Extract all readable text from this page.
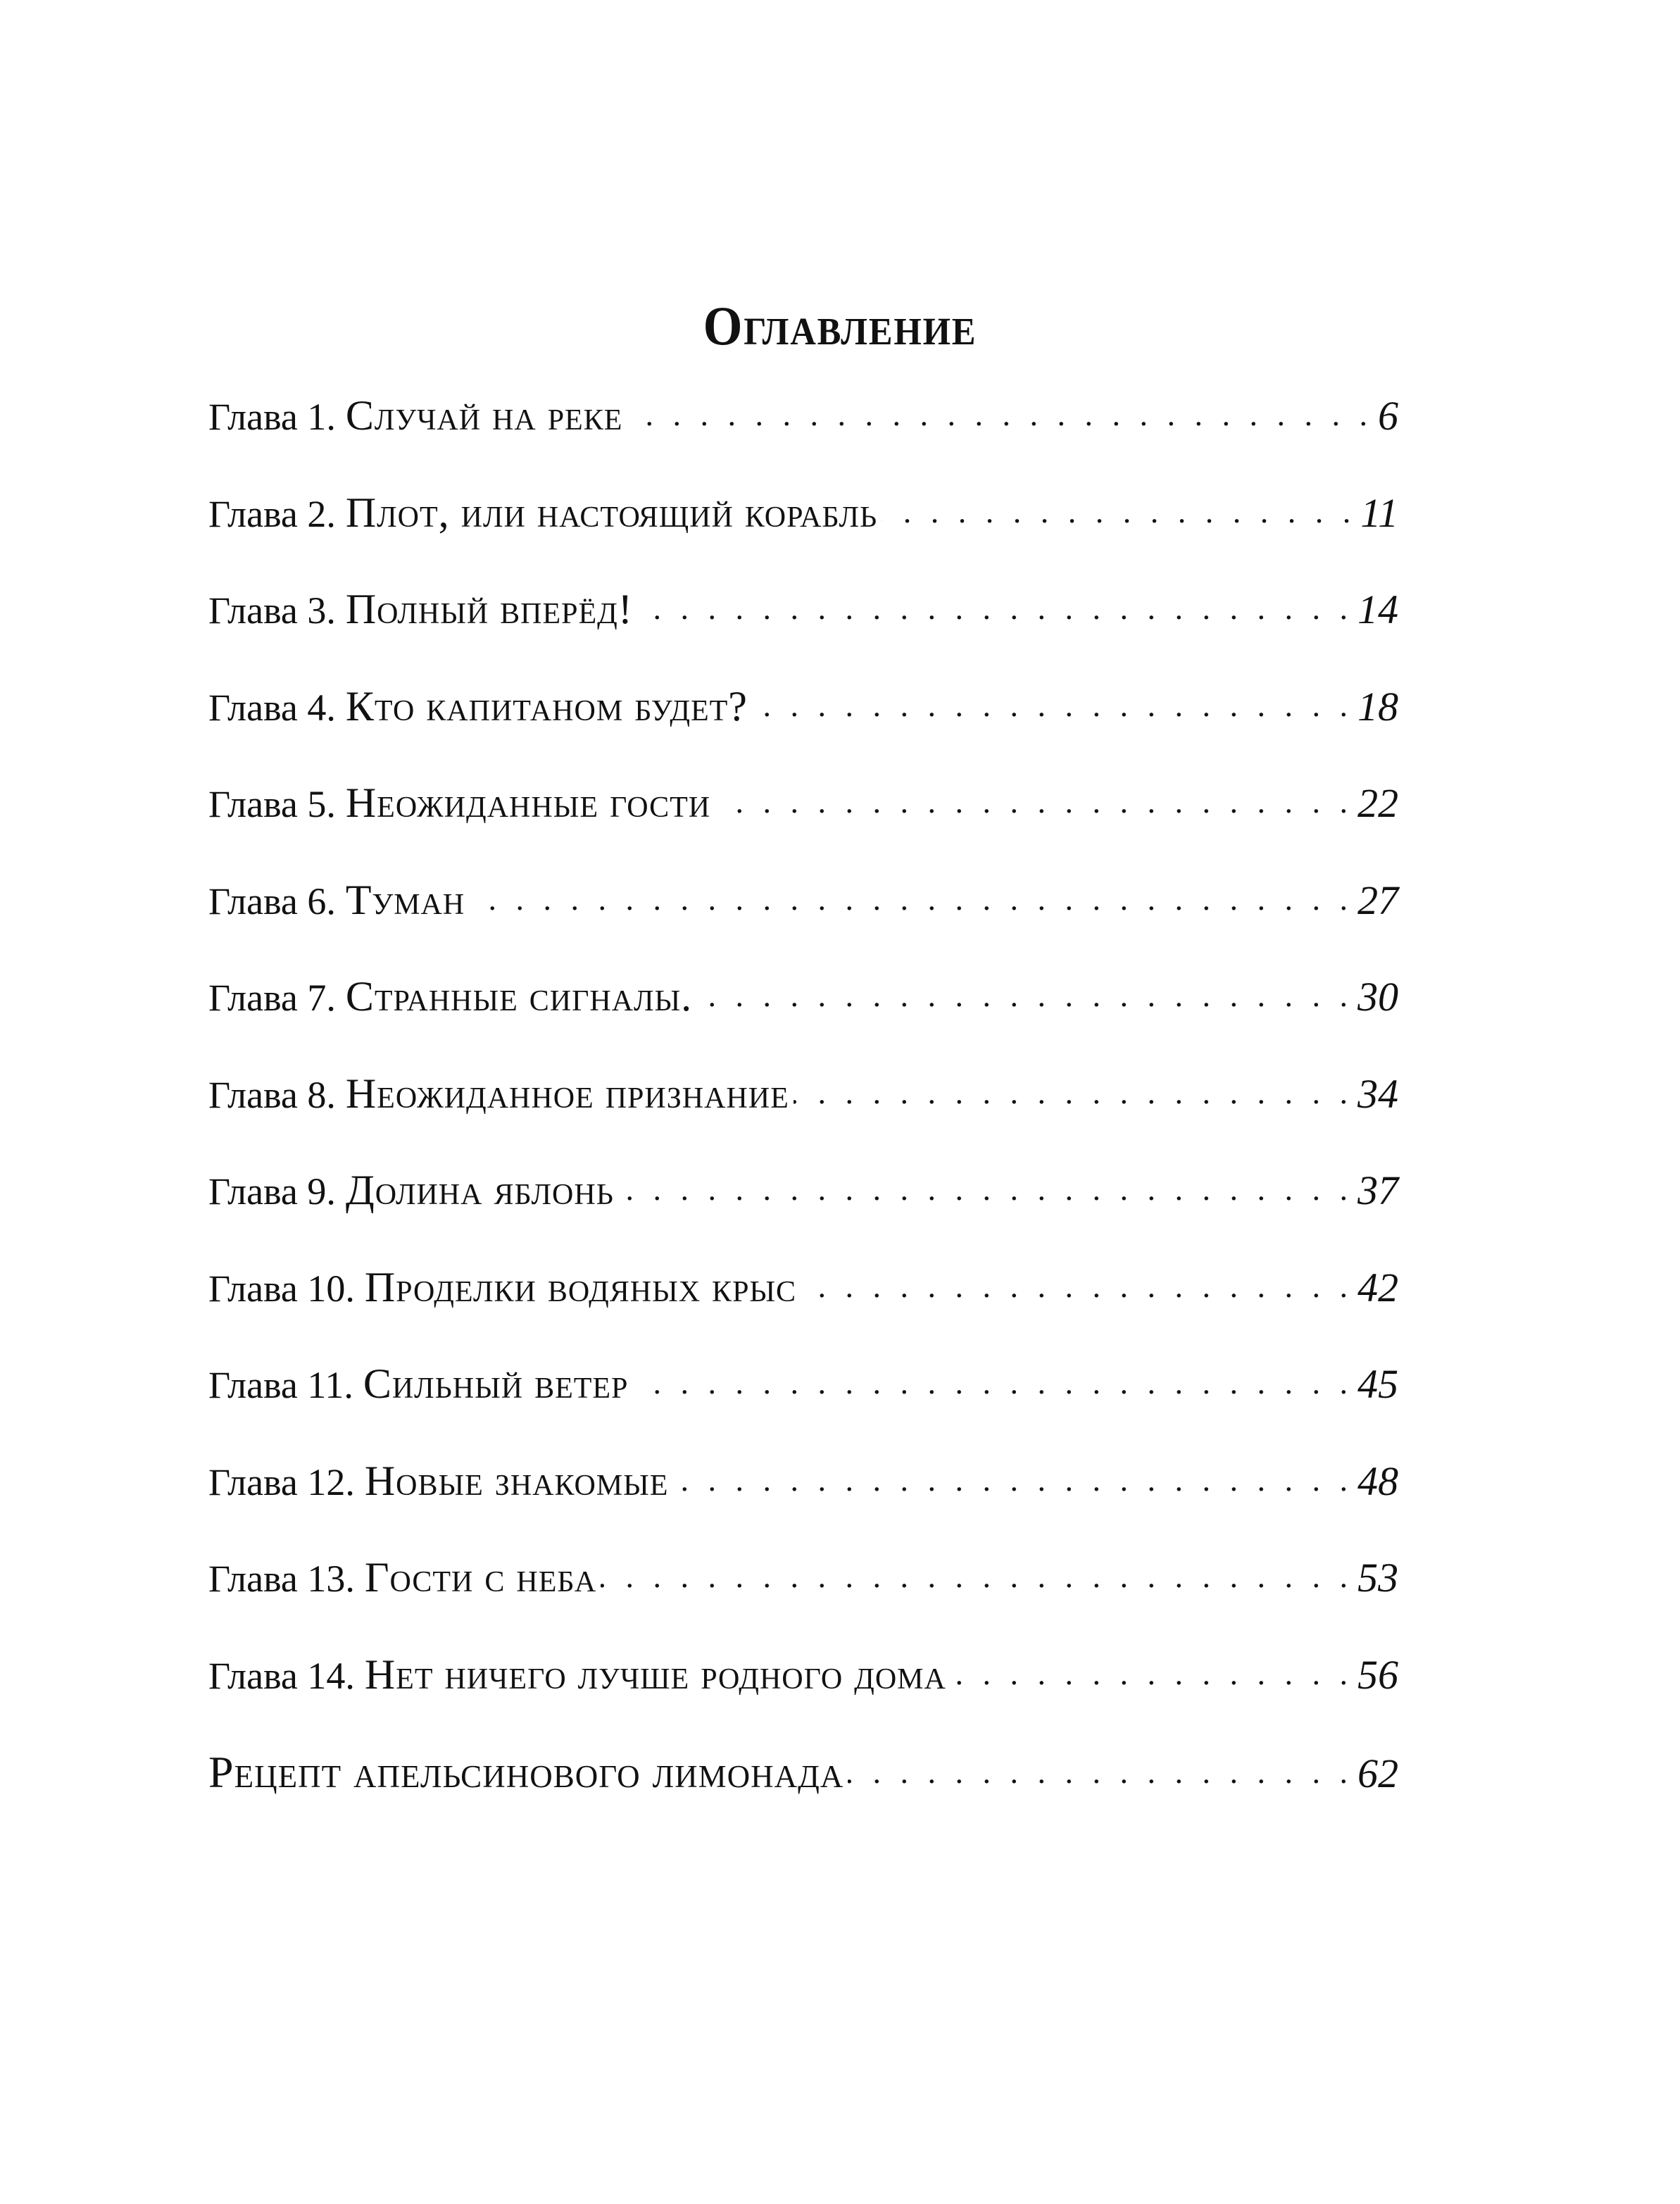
Оглавление
Глава 1. Случай на реке . . .	6
Глава 2. Плот, или настоящий корабль . . .	11
Глава 3. Полный вперёд! . . .	14
Глава 4. Кто капитаном будет? . . .	18
Глава 5. Неожиданные гости . . .	22
Глава 6. Туман . . .	27
Глава 7. Странные сигналы. . . .	30
Глава 8. Неожиданное признание . . .	34
Глава 9. Долина яблонь . . .	37
Глава 10. Проделки водяных крыс . . .	42
Глава 11. Сильный ветер . . .	45
Глава 12. Новые знакомые . . .	48
Глава 13. Гости с неба . . .	53
Глава 14. Нет ничего лучше родного дома . . .	56
Рецепт апельсинового лимонада . . .	62
